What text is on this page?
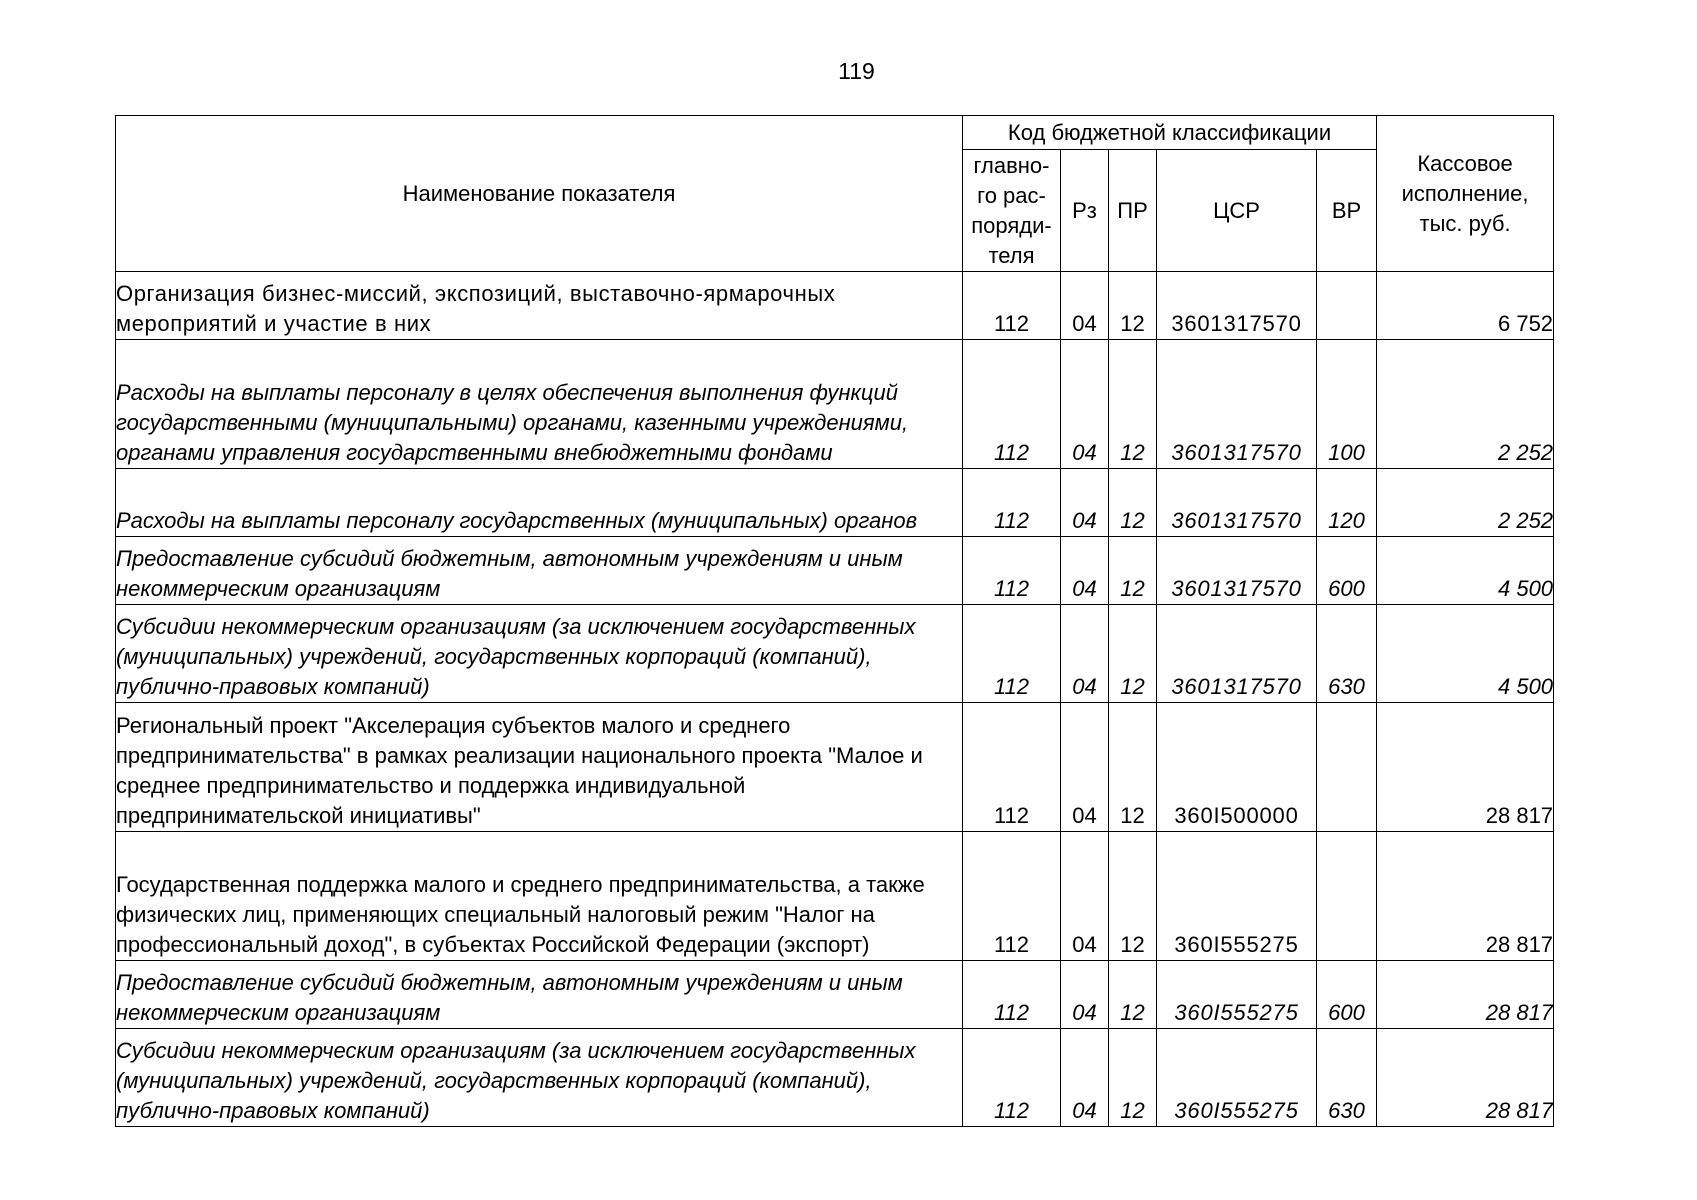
119
Наименование показателя	Код бюджетной классификации					Кассовое исполнение, тыс. руб.
	главно-го рас-поряди-теля	Рз	ПР	ЦСР	ВР	
Организация бизнес-миссий, экспозиций, выставочно-ярмарочных мероприятий и участие в них	112	04	12	3601317570		6 752
Расходы на выплаты персоналу в целях обеспечения выполнения функций государственными (муниципальными) органами, казенными учреждениями, органами управления государственными внебюджетными фондами	112	04	12	3601317570	100	2 252
Расходы на выплаты персоналу государственных (муниципальных) органов	112	04	12	3601317570	120	2 252
Предоставление субсидий бюджетным, автономным учреждениям и иным некоммерческим организациям	112	04	12	3601317570	600	4 500
Субсидии некоммерческим организациям (за исключением государственных (муниципальных) учреждений, государственных корпораций (компаний), публично-правовых компаний)	112	04	12	3601317570	630	4 500
Региональный проект "Акселерация субъектов малого и среднего предпринимательства" в рамках реализации национального проекта "Малое и среднее предпринимательство и поддержка индивидуальной предпринимательской инициативы"	112	04	12	360I500000		28 817
Государственная поддержка малого и среднего предпринимательства, а также физических лиц, применяющих специальный налоговый режим "Налог на профессиональный доход", в субъектах Российской Федерации (экспорт)	112	04	12	360I555275		28 817
Предоставление субсидий бюджетным, автономным учреждениям и иным некоммерческим организациям	112	04	12	360I555275	600	28 817
Субсидии некоммерческим организациям (за исключением государственных (муниципальных) учреждений, государственных корпораций (компаний), публично-правовых компаний)	112	04	12	360I555275	630	28 817
